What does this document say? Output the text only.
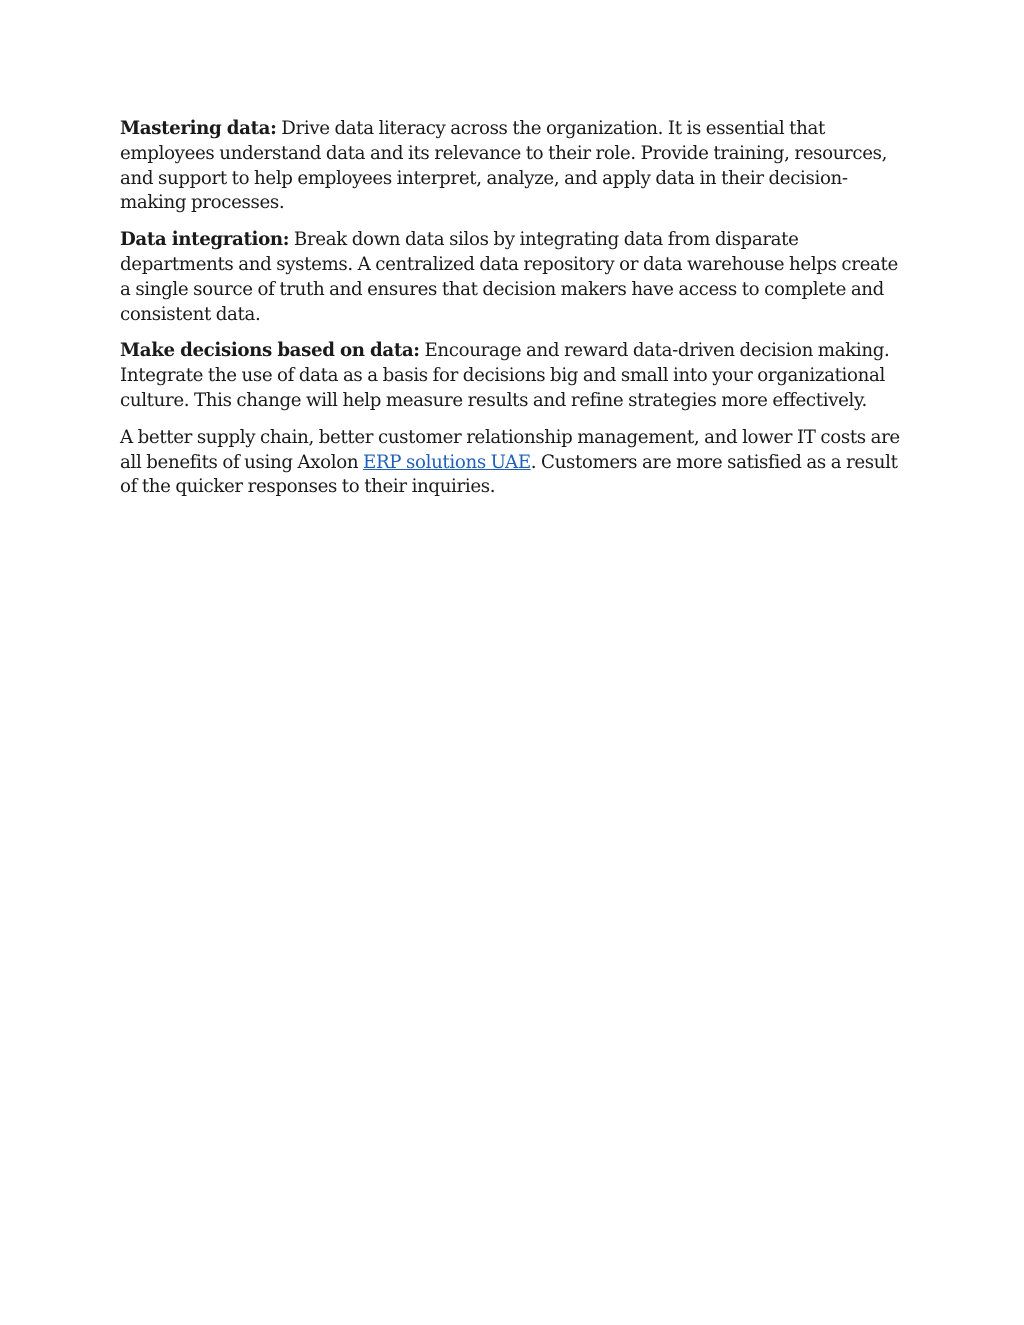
Mastering data: Drive data literacy across the organization. It is essential that employees understand data and its relevance to their role. Provide training, resources, and support to help employees interpret, analyze, and apply data in their decision-making processes.

Data integration: Break down data silos by integrating data from disparate departments and systems. A centralized data repository or data warehouse helps create a single source of truth and ensures that decision makers have access to complete and consistent data.

Make decisions based on data: Encourage and reward data-driven decision making. Integrate the use of data as a basis for decisions big and small into your organizational culture. This change will help measure results and refine strategies more effectively.

A better supply chain, better customer relationship management, and lower IT costs are all benefits of using Axolon ERP solutions UAE. Customers are more satisfied as a result of the quicker responses to their inquiries.
